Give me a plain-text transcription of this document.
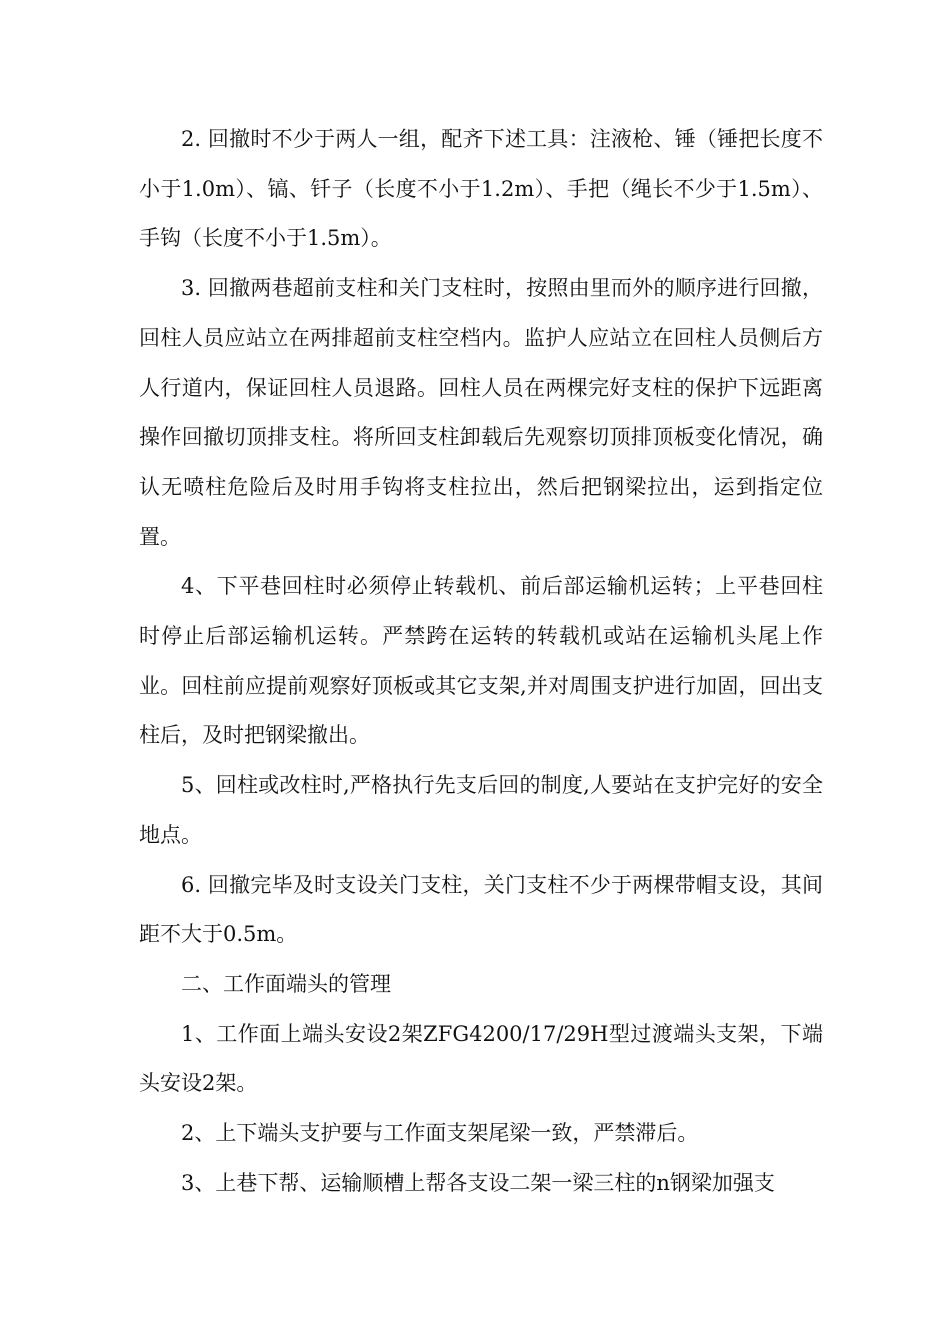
2. 回撤时不少于两人一组，配齐下述工具：注液枪、锤（锤把长度不小于1.0m）、镐、钎子（长度不小于1.2m）、手把（绳长不少于1.5m）、手钩（长度不小于1.5m）。

3. 回撤两巷超前支柱和关门支柱时，按照由里而外的顺序进行回撤，回柱人员应站立在两排超前支柱空档内。监护人应站立在回柱人员侧后方人行道内，保证回柱人员退路。回柱人员在两棵完好支柱的保护下远距离操作回撤切顶排支柱。将所回支柱卸载后先观察切顶排顶板变化情况，确认无喷柱危险后及时用手钩将支柱拉出，然后把钢梁拉出，运到指定位置。

4、下平巷回柱时必须停止转载机、前后部运输机运转；上平巷回柱时停止后部运输机运转。严禁跨在运转的转载机或站在运输机头尾上作业。回柱前应提前观察好顶板或其它支架,并对周围支护进行加固，回出支柱后，及时把钢梁撤出。

5、回柱或改柱时,严格执行先支后回的制度,人要站在支护完好的安全地点。

6. 回撤完毕及时支设关门支柱，关门支柱不少于两棵带帽支设，其间距不大于0.5m。

二、工作面端头的管理

1、工作面上端头安设2架ZFG4200/17/29H型过渡端头支架，下端头安设2架。

2、上下端头支护要与工作面支架尾梁一致，严禁滞后。

3、上巷下帮、运输顺槽上帮各支设二架一梁三柱的n钢梁加强支
